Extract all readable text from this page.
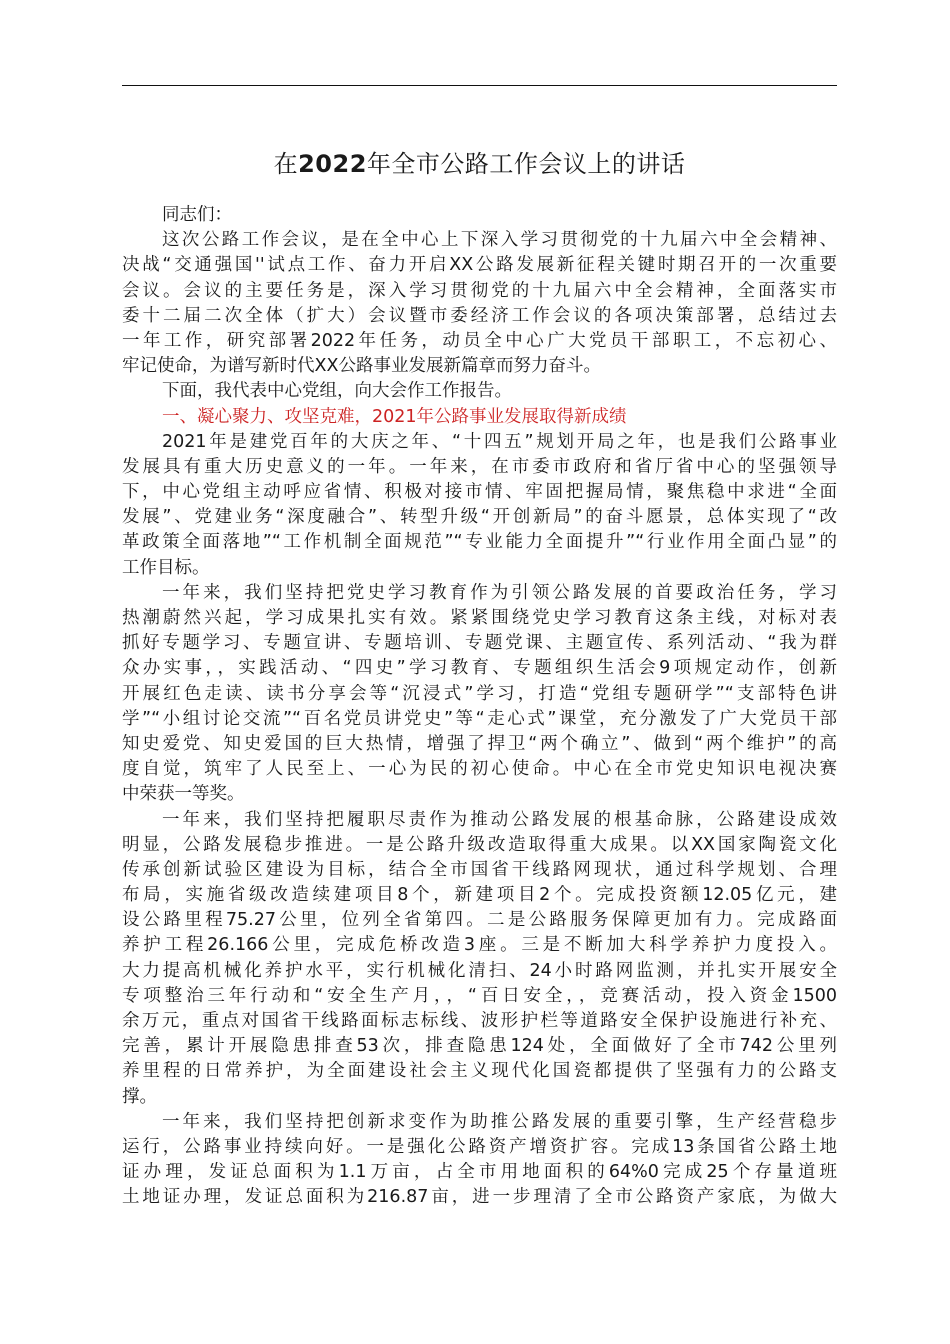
在2022年全市公路工作会议上的讲话
同志们：
这次公路工作会议，是在全中心上下深入学习贯彻党的十九届六中全会精神、
决战“交通强国''试点工作、奋力开启XX公路发展新征程关键时期召开的一次重要
会议。会议的主要任务是，深入学习贯彻党的十九届六中全会精神，全面落实市
委十二届二次全体（扩大）会议暨市委经济工作会议的各项决策部署，总结过去
一年工作，研究部署2022年任务，动员全中心广大党员干部职工，不忘初心、
牢记使命，为谱写新时代XX公路事业发展新篇章而努力奋斗。
下面，我代表中心党组，向大会作工作报告。
一、凝心聚力、攻坚克难，2021年公路事业发展取得新成绩
2021年是建党百年的大庆之年、“十四五”规划开局之年，也是我们公路事业
发展具有重大历史意义的一年。一年来，在市委市政府和省厅省中心的坚强领导
下，中心党组主动呼应省情、积极对接市情、牢固把握局情，聚焦稳中求进“全面
发展”、党建业务“深度融合”、转型升级“开创新局”的奋斗愿景，总体实现了“改
革政策全面落地”“工作机制全面规范”“专业能力全面提升”“行业作用全面凸显”的
工作目标。
一年来，我们坚持把党史学习教育作为引领公路发展的首要政治任务，学习
热潮蔚然兴起，学习成果扎实有效。紧紧围绕党史学习教育这条主线，对标对表
抓好专题学习、专题宣讲、专题培训、专题党课、主题宣传、系列活动、“我为群
众办实事，，实践活动、“四史”学习教育、专题组织生活会9项规定动作，创新
开展红色走读、读书分享会等“沉浸式”学习，打造“党组专题研学”“支部特色讲
学”“小组讨论交流”“百名党员讲党史”等“走心式”课堂，充分激发了广大党员干部
知史爱党、知史爱国的巨大热情，增强了捍卫“两个确立”、做到“两个维护”的高
度自觉，筑牢了人民至上、一心为民的初心使命。中心在全市党史知识电视决赛
中荣获一等奖。
一年来，我们坚持把履职尽责作为推动公路发展的根基命脉，公路建设成效
明显，公路发展稳步推进。一是公路升级改造取得重大成果。以XX国家陶瓷文化
传承创新试验区建设为目标，结合全市国省干线路网现状，通过科学规划、合理
布局，实施省级改造续建项目8个，新建项目2个。完成投资额12.05亿元，建
设公路里程75.27公里，位列全省第四。二是公路服务保障更加有力。完成路面
养护工程26.166公里，完成危桥改造3座。三是不断加大科学养护力度投入。
大力提高机械化养护水平，实行机械化清扫、24小时路网监测，并扎实开展安全
专项整治三年行动和“安全生产月，，“百日安全，，竞赛活动，投入资金1500
余万元，重点对国省干线路面标志标线、波形护栏等道路安全保护设施进行补充、
完善，累计开展隐患排查53次，排查隐患124处，全面做好了全市742公里列
养里程的日常养护，为全面建设社会主义现代化国瓷都提供了坚强有力的公路支
撑。
一年来，我们坚持把创新求变作为助推公路发展的重要引擎，生产经营稳步
运行，公路事业持续向好。一是强化公路资产增资扩容。完成13条国省公路土地
证办理，发证总面积为1.1万亩，占全市用地面积的64%0完成25个存量道班
土地证办理，发证总面积为216.87亩，进一步理清了全市公路资产家底，为做大
